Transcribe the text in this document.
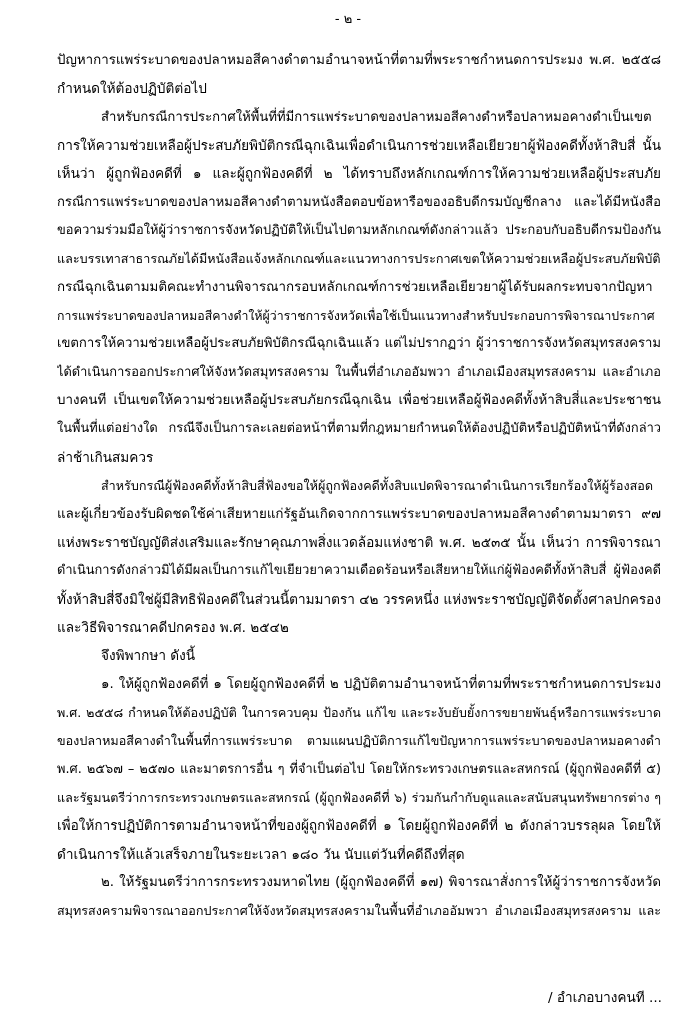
- ๒ -
ปัญหาการแพร่ระบาดของปลาหมอสีคางดำตามอำนาจหน้าที่ตามที่พระราชกำหนดการประมง พ.ศ. ๒๕๕๘
กำหนดให้ต้องปฏิบัติต่อไป
สำหรับกรณีการประกาศให้พื้นที่ที่มีการแพร่ระบาดของปลาหมอสีคางดำหรือปลาหมอคางดำเป็นเขต
การให้ความช่วยเหลือผู้ประสบภัยพิบัติกรณีฉุกเฉินเพื่อดำเนินการช่วยเหลือเยียวยาผู้ฟ้องคดีทั้งห้าสิบสี่ นั้น
เห็นว่า ผู้ถูกฟ้องคดีที่ ๑ และผู้ถูกฟ้องคดีที่ ๒ ได้ทราบถึงหลักเกณฑ์การให้ความช่วยเหลือผู้ประสบภัย
กรณีการแพร่ระบาดของปลาหมอสีคางดำตามหนังสือตอบข้อหารือของอธิบดีกรมบัญชีกลาง และได้มีหนังสือ
ขอความร่วมมือให้ผู้ว่าราชการจังหวัดปฏิบัติให้เป็นไปตามหลักเกณฑ์ดังกล่าวแล้ว ประกอบกับอธิบดีกรมป้องกัน
และบรรเทาสาธารณภัยได้มีหนังสือแจ้งหลักเกณฑ์และแนวทางการประกาศเขตให้ความช่วยเหลือผู้ประสบภัยพิบัติ
กรณีฉุกเฉินตามมติคณะทำงานพิจารณากรอบหลักเกณฑ์การช่วยเหลือเยียวยาผู้ได้รับผลกระทบจากปัญหา
การแพร่ระบาดของปลาหมอสีคางดำให้ผู้ว่าราชการจังหวัดเพื่อใช้เป็นแนวทางสำหรับประกอบการพิจารณาประกาศ
เขตการให้ความช่วยเหลือผู้ประสบภัยพิบัติกรณีฉุกเฉินแล้ว แต่ไม่ปรากฏว่า ผู้ว่าราชการจังหวัดสมุทรสงคราม
ได้ดำเนินการออกประกาศให้จังหวัดสมุทรสงคราม ในพื้นที่อำเภออัมพวา อำเภอเมืองสมุทรสงคราม และอำเภอ
บางคนที เป็นเขตให้ความช่วยเหลือผู้ประสบภัยกรณีฉุกเฉิน เพื่อช่วยเหลือผู้ฟ้องคดีทั้งห้าสิบสี่และประชาชน
ในพื้นที่แต่อย่างใด กรณีจึงเป็นการละเลยต่อหน้าที่ตามที่กฎหมายกำหนดให้ต้องปฏิบัติหรือปฏิบัติหน้าที่ดังกล่าว
ล่าช้าเกินสมควร
สำหรับกรณีผู้ฟ้องคดีทั้งห้าสิบสี่ฟ้องขอให้ผู้ถูกฟ้องคดีทั้งสิบแปดพิจารณาดำเนินการเรียกร้องให้ผู้ร้องสอด
และผู้เกี่ยวข้องรับผิดชดใช้ค่าเสียหายแก่รัฐอันเกิดจากการแพร่ระบาดของปลาหมอสีคางดำตามมาตรา ๙๗
แห่งพระราชบัญญัติส่งเสริมและรักษาคุณภาพสิ่งแวดล้อมแห่งชาติ พ.ศ. ๒๕๓๕ นั้น เห็นว่า การพิจารณา
ดำเนินการดังกล่าวมิได้มีผลเป็นการแก้ไขเยียวยาความเดือดร้อนหรือเสียหายให้แก่ผู้ฟ้องคดีทั้งห้าสิบสี่ ผู้ฟ้องคดี
ทั้งห้าสิบสี่จึงมิใช่ผู้มีสิทธิฟ้องคดีในส่วนนี้ตามมาตรา ๔๒ วรรคหนึ่ง แห่งพระราชบัญญัติจัดตั้งศาลปกครอง
และวิธีพิจารณาคดีปกครอง พ.ศ. ๒๕๔๒
จึงพิพากษา ดังนี้
๑. ให้ผู้ถูกฟ้องคดีที่ ๑ โดยผู้ถูกฟ้องคดีที่ ๒ ปฏิบัติตามอำนาจหน้าที่ตามที่พระราชกำหนดการประมง
พ.ศ. ๒๕๕๘ กำหนดให้ต้องปฏิบัติ ในการควบคุม ป้องกัน แก้ไข และระงับยับยั้งการขยายพันธุ์หรือการแพร่ระบาด
ของปลาหมอสีคางดำในพื้นที่การแพร่ระบาด ตามแผนปฏิบัติการแก้ไขปัญหาการแพร่ระบาดของปลาหมอคางดำ
พ.ศ. ๒๕๖๗ – ๒๕๗๐ และมาตรการอื่น ๆ ที่จำเป็นต่อไป โดยให้กระทรวงเกษตรและสหกรณ์ (ผู้ถูกฟ้องคดีที่ ๕)
และรัฐมนตรีว่าการกระทรวงเกษตรและสหกรณ์ (ผู้ถูกฟ้องคดีที่ ๖) ร่วมกันกำกับดูแลและสนับสนุนทรัพยากรต่าง ๆ
เพื่อให้การปฏิบัติการตามอำนาจหน้าที่ของผู้ถูกฟ้องคดีที่ ๑ โดยผู้ถูกฟ้องคดีที่ ๒ ดังกล่าวบรรลุผล โดยให้
ดำเนินการให้แล้วเสร็จภายในระยะเวลา ๑๘๐ วัน นับแต่วันที่คดีถึงที่สุด
๒. ให้รัฐมนตรีว่าการกระทรวงมหาดไทย (ผู้ถูกฟ้องคดีที่ ๑๗) พิจารณาสั่งการให้ผู้ว่าราชการจังหวัด
สมุทรสงครามพิจารณาออกประกาศให้จังหวัดสมุทรสงครามในพื้นที่อำเภออัมพวา อำเภอเมืองสมุทรสงคราม และ
/ อำเภอบางคนที ...
